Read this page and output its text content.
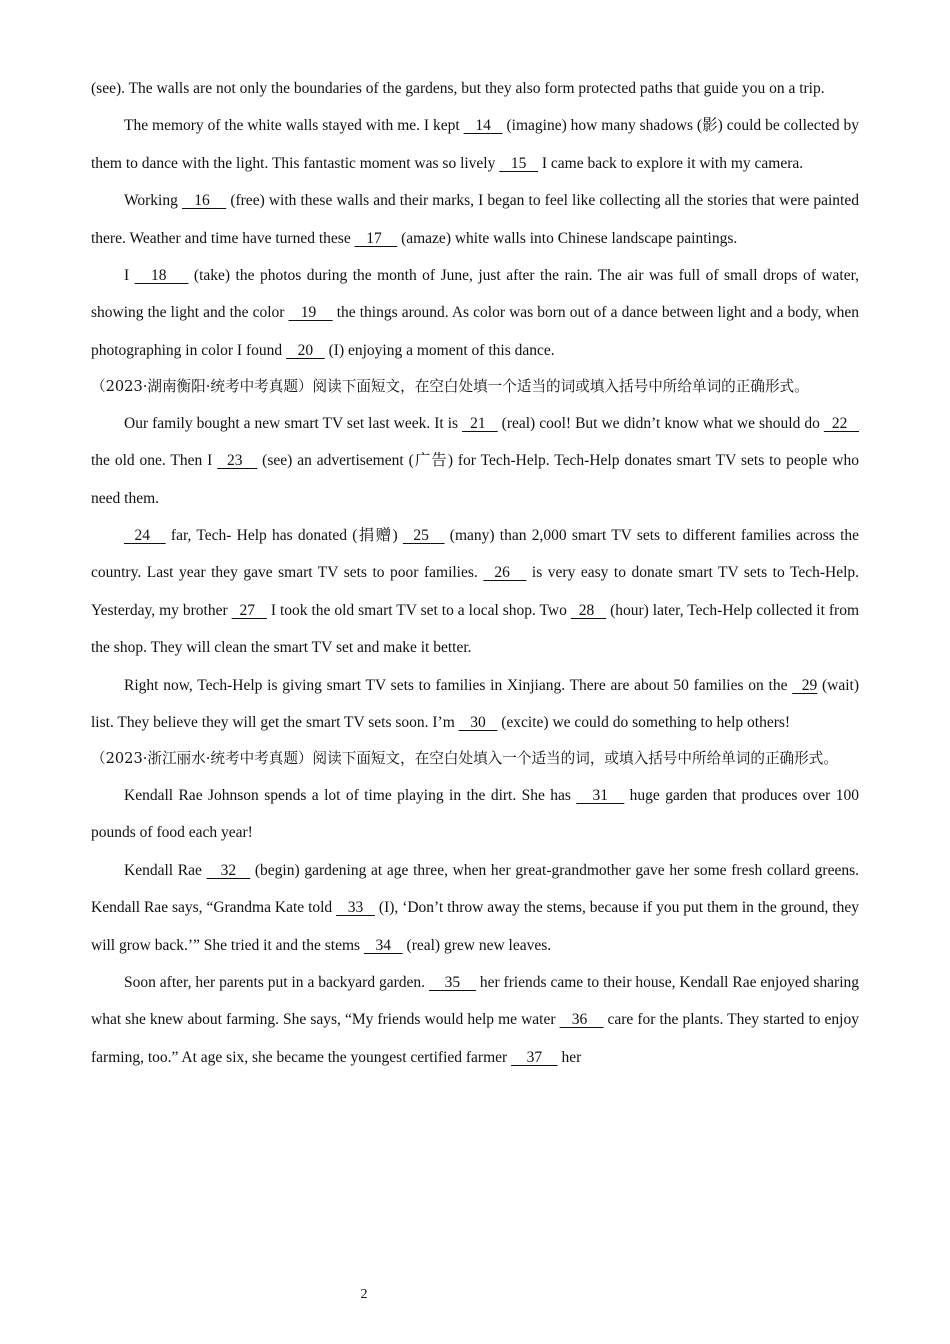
(see). The walls are not only the boundaries of the gardens, but they also form protected paths that guide you on a trip.

The memory of the white walls stayed with me. I kept    14    (imagine) how many shadows (影) could be collected by them to dance with the light. This fantastic moment was so lively    15    I came back to explore it with my camera.

Working    16     (free) with these walls and their marks, I began to feel like collecting all the stories that were painted there. Weather and time have turned these    17     (amaze) white walls into Chinese landscape paintings.

I    18     (take) the photos during the month of June, just after the rain. The air was full of small drops of water, showing the light and the color    19     the things around. As color was born out of a dance between light and a body, when photographing in color I found    20    (I) enjoying a moment of this dance.

（2023·湖南衡阳·统考中考真题）阅读下面短文，在空白处填一个适当的词或填入括号中所给单词的正确形式。

Our family bought a new smart TV set last week. It is   21    (real) cool! But we didn’t know what we should do   22    the old one. Then I   23    (see) an advertisement (广告) for Tech-Help. Tech-Help donates smart TV sets to people who need them.

24    far, Tech- Help has donated (捐赠)   25    (many) than 2,000 smart TV sets to different families across the country. Last year they gave smart TV sets to poor families.   26    is very easy to donate smart TV sets to Tech-Help. Yesterday, my brother   27    I took the old smart TV set to a local shop. Two   28    (hour) later, Tech-Help collected it from the shop. They will clean the smart TV set and make it better.

Right now, Tech-Help is giving smart TV sets to families in Xinjiang. There are about 50 families on the   29 (wait) list. They believe they will get the smart TV sets soon. I’m    30    (excite) we could do something to help others!

（2023·浙江丽水·统考中考真题）阅读下面短文，在空白处填入一个适当的词，或填入括号中所给单词的正确形式。

Kendall Rae Johnson spends a lot of time playing in the dirt. She has    31    huge garden that produces over 100 pounds of food each year!

Kendall Rae    32    (begin) gardening at age three, when her great-grandmother gave her some fresh collard greens. Kendall Rae says, “Grandma Kate told    33    (I), ‘Don’t throw away the stems, because if you put them in the ground, they will grow back.’” She tried it and the stems    34    (real) grew new leaves.

Soon after, her parents put in a backyard garden.     35     her friends came to their house, Kendall Rae enjoyed sharing what she knew about farming. She says, “My friends would help me water    36     care for the plants. They started to enjoy farming, too.” At age six, she became the youngest certified farmer     37     her

2
